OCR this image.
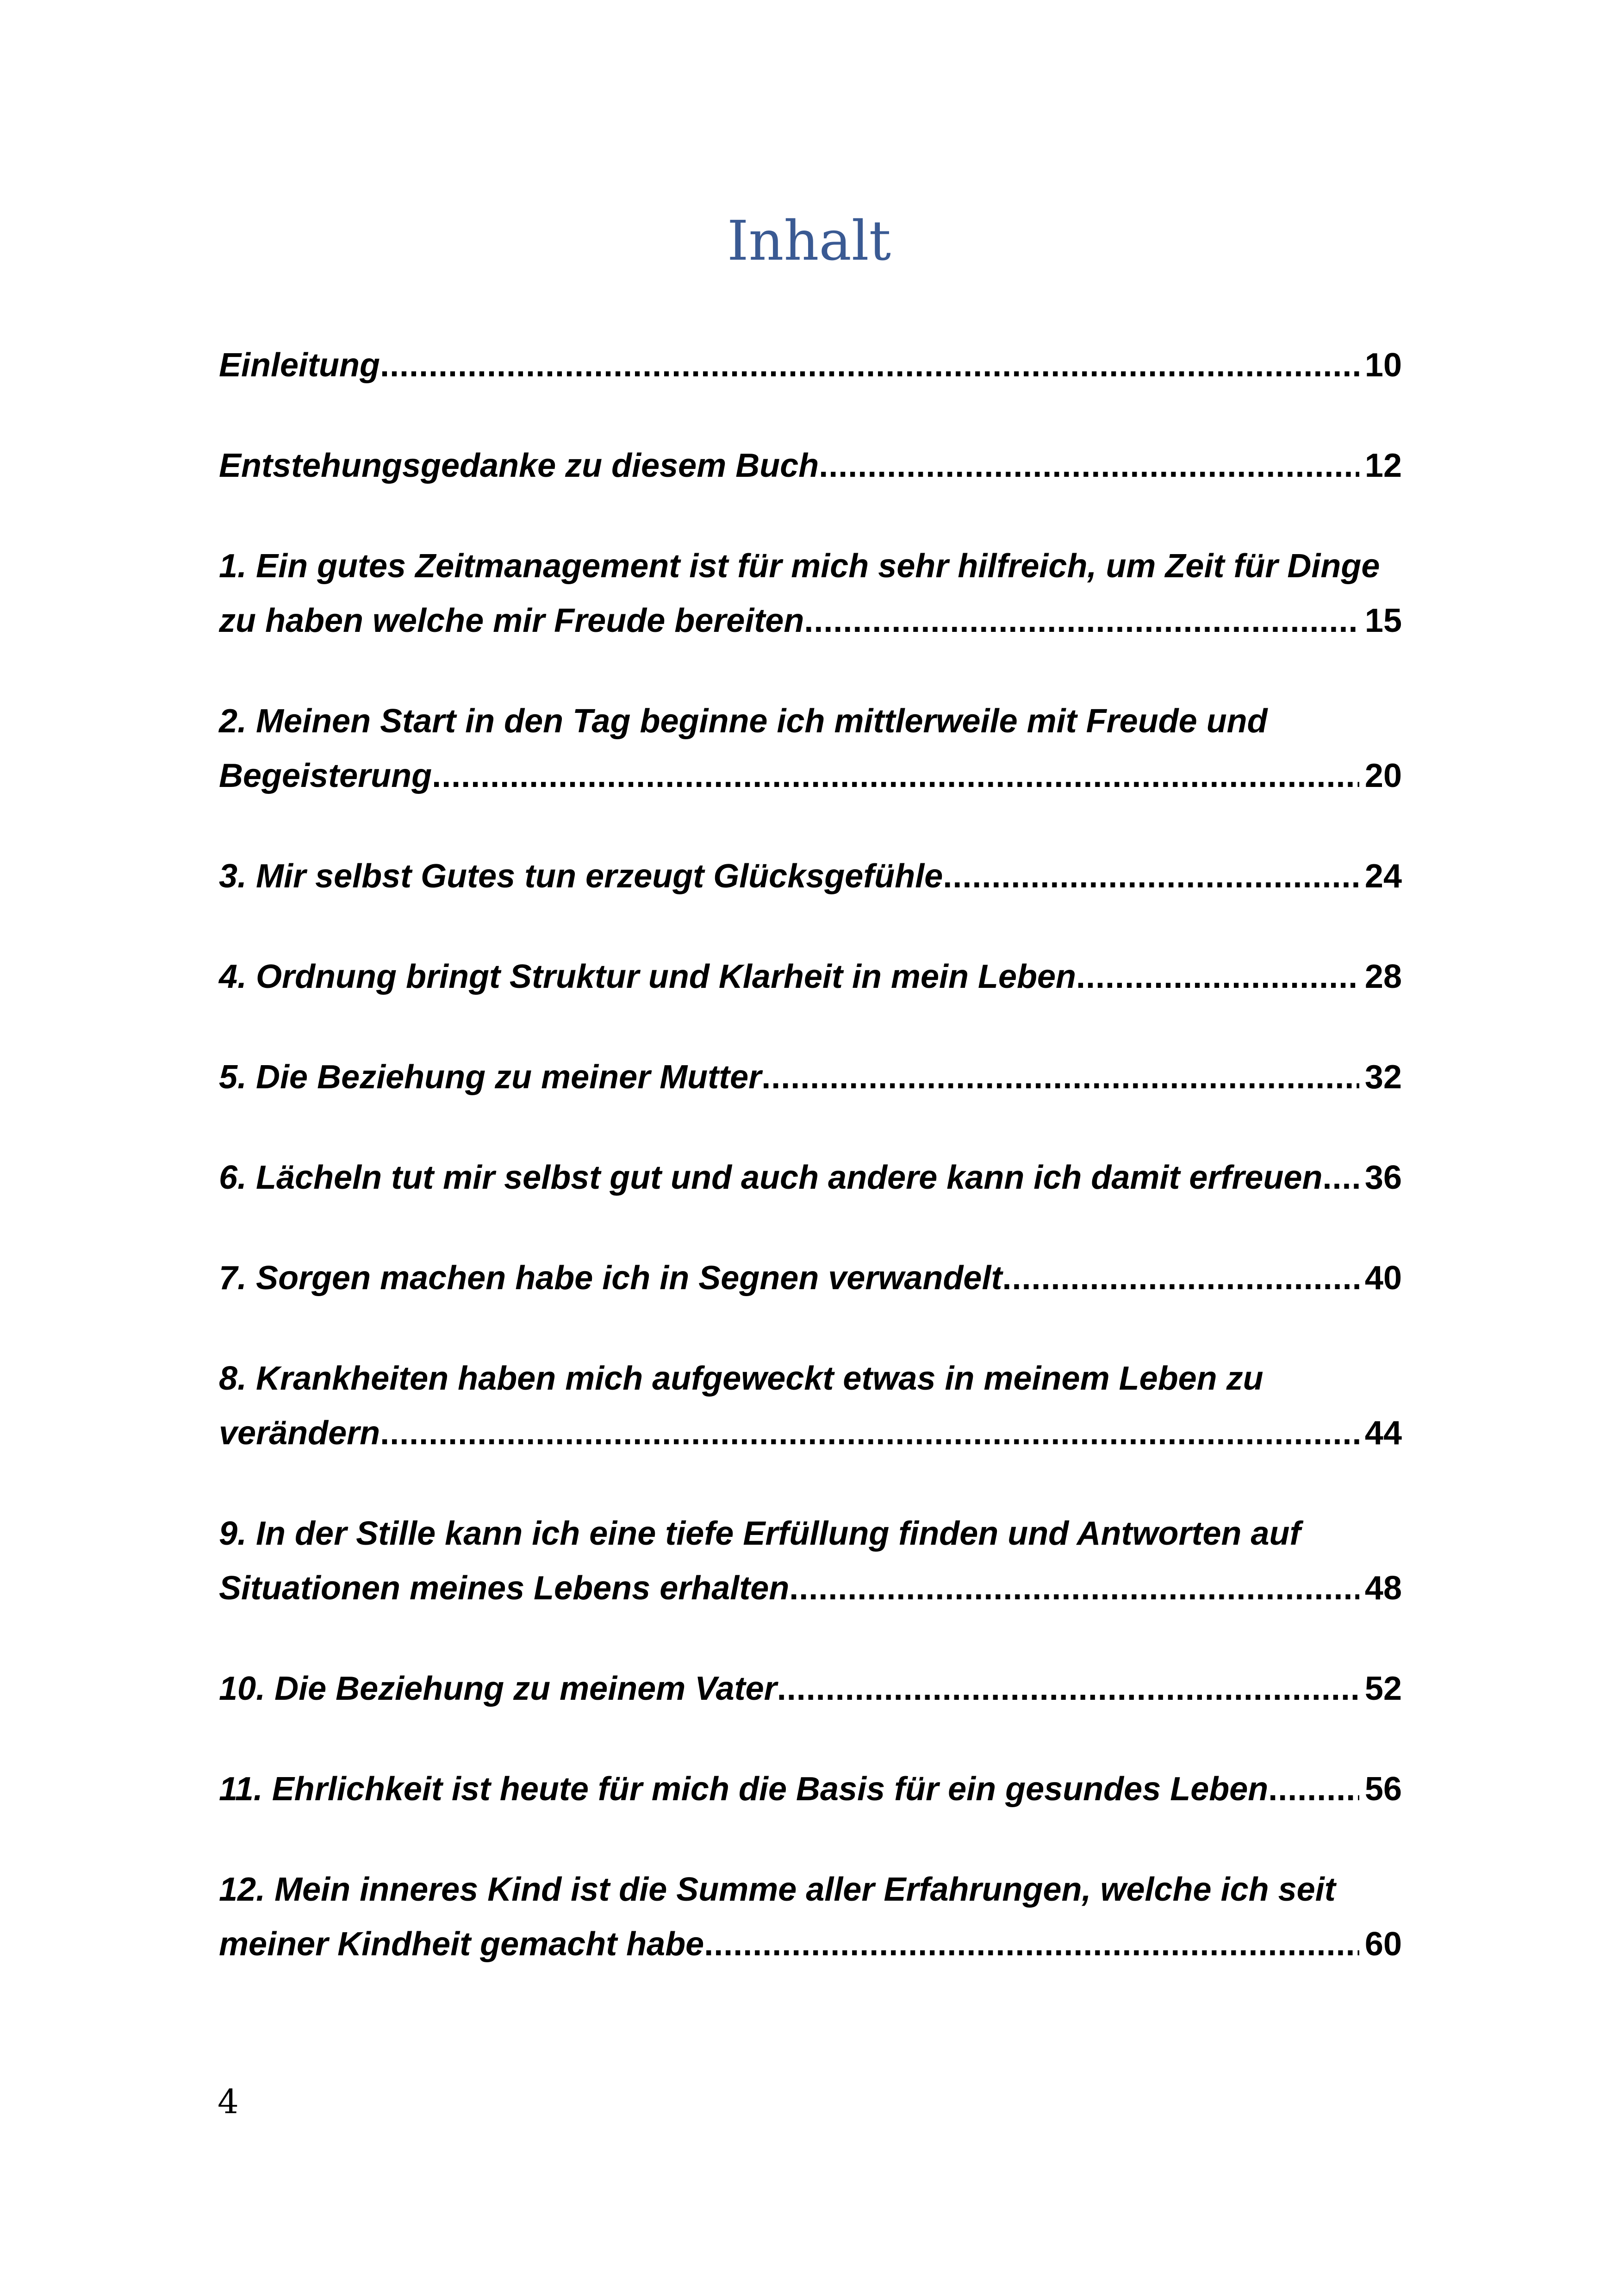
Inhalt
Einleitung .....	10
Entstehungsgedanke zu diesem Buch .....	12
1. Ein gutes Zeitmanagement ist für mich sehr hilfreich, um Zeit für Dinge
zu haben welche mir Freude bereiten .....	15
2. Meinen Start in den Tag beginne ich mittlerweile mit Freude und
Begeisterung .....	20
3. Mir selbst Gutes tun erzeugt Glücksgefühle .....	24
4. Ordnung bringt Struktur und Klarheit in mein Leben .....	28
5. Die Beziehung zu meiner Mutter .....	32
6. Lächeln tut mir selbst gut und auch andere kann ich damit erfreuen ..... 36
7. Sorgen machen habe ich in Segnen verwandelt .....	40
8. Krankheiten haben mich aufgeweckt etwas in meinem Leben zu
verändern .....	44
9. In der Stille kann ich eine tiefe Erfüllung finden und Antworten auf
Situationen meines Lebens erhalten .....	48
10. Die Beziehung zu meinem Vater .....	52
11. Ehrlichkeit ist heute für mich die Basis für ein gesundes Leben .....	56
12. Mein inneres Kind ist die Summe aller Erfahrungen, welche ich seit
meiner Kindheit gemacht habe .....	60
4
